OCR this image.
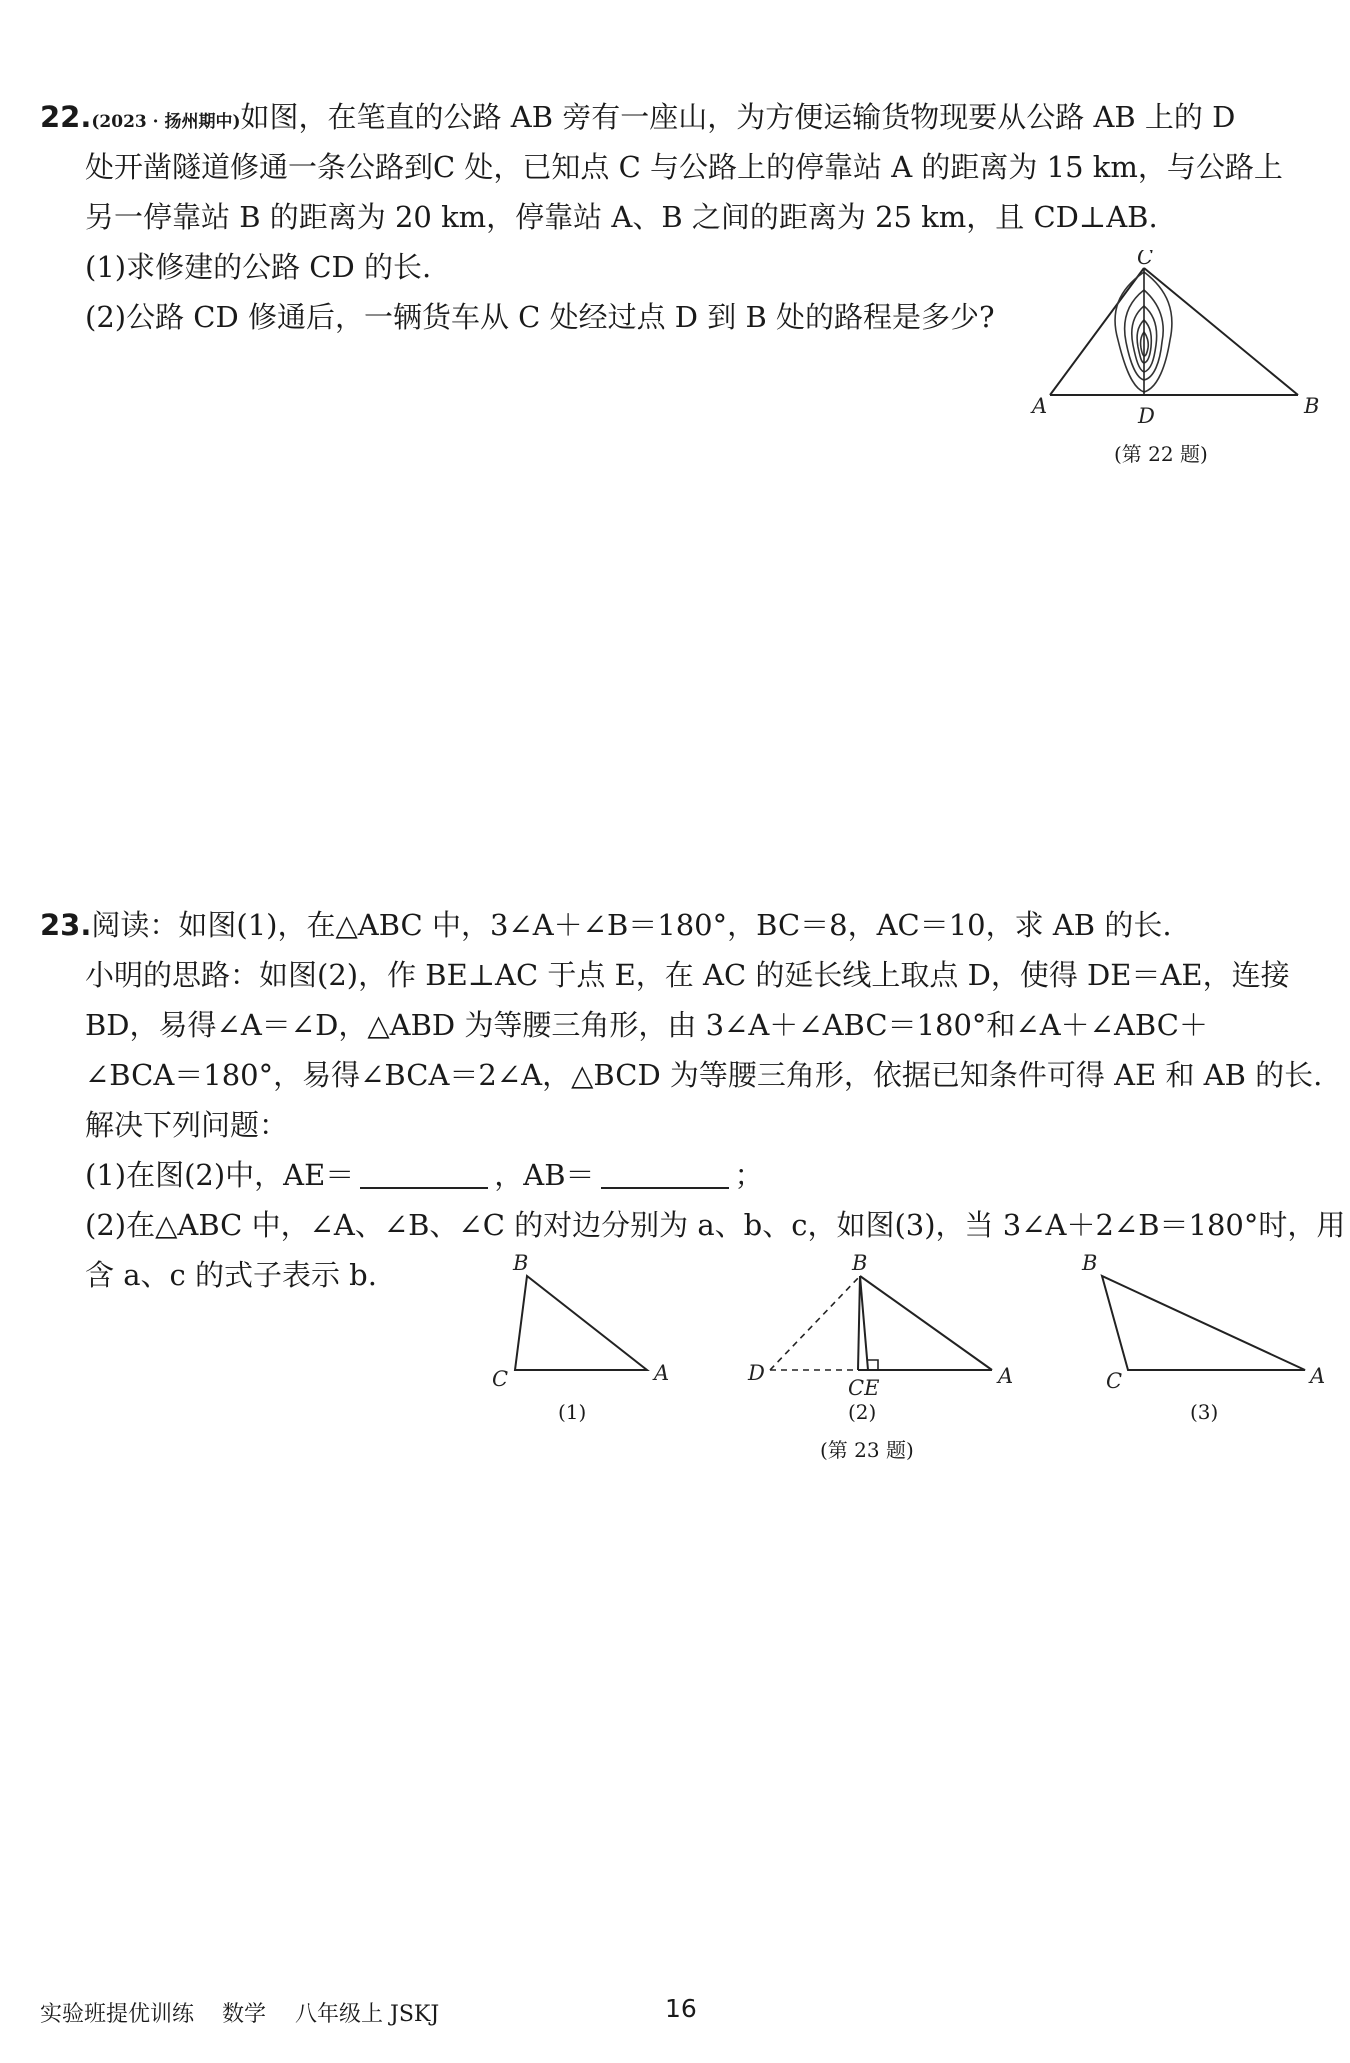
22.(2023 · 扬州期中)如图，在笔直的公路 AB 旁有一座山，为方便运输货物现要从公路 AB 上的 D
处开凿隧道修通一条公路到C 处，已知点 C 与公路上的停靠站 A 的距离为 15 km，与公路上
另一停靠站 B 的距离为 20 km，停靠站 A、B 之间的距离为 25 km，且 CD⊥AB.
(1)求修建的公路 CD 的长.
(2)公路 CD 修通后，一辆货车从 C 处经过点 D 到 B 处的路程是多少?
C
A	B
D
(第 22 题)
23.阅读：如图(1)，在△ABC 中，3∠A＋∠B＝180°，BC＝8，AC＝10，求 AB 的长.
小明的思路：如图(2)，作 BE⊥AC 于点 E，在 AC 的延长线上取点 D，使得 DE＝AE，连接
BD，易得∠A＝∠D，△ABD 为等腰三角形，由 3∠A＋∠ABC＝180°和∠A＋∠ABC＋
∠BCA＝180°，易得∠BCA＝2∠A，△BCD 为等腰三角形，依据已知条件可得 AE 和 AB 的长.
解决下列问题：
(1)在图(2)中，AE＝	，AB＝	；
(2)在△ABC 中，∠A、∠B、∠C 的对边分别为 a、b、c，如图(3)，当 3∠A＋2∠B＝180°时，用
含 a、c 的式子表示 b.	B
C	A
(1)
B
D
CE	A
(2)
(第 23 题)
B
C	A
(3)
实验班提优训练 数学 八年级上 JSKJ	16
